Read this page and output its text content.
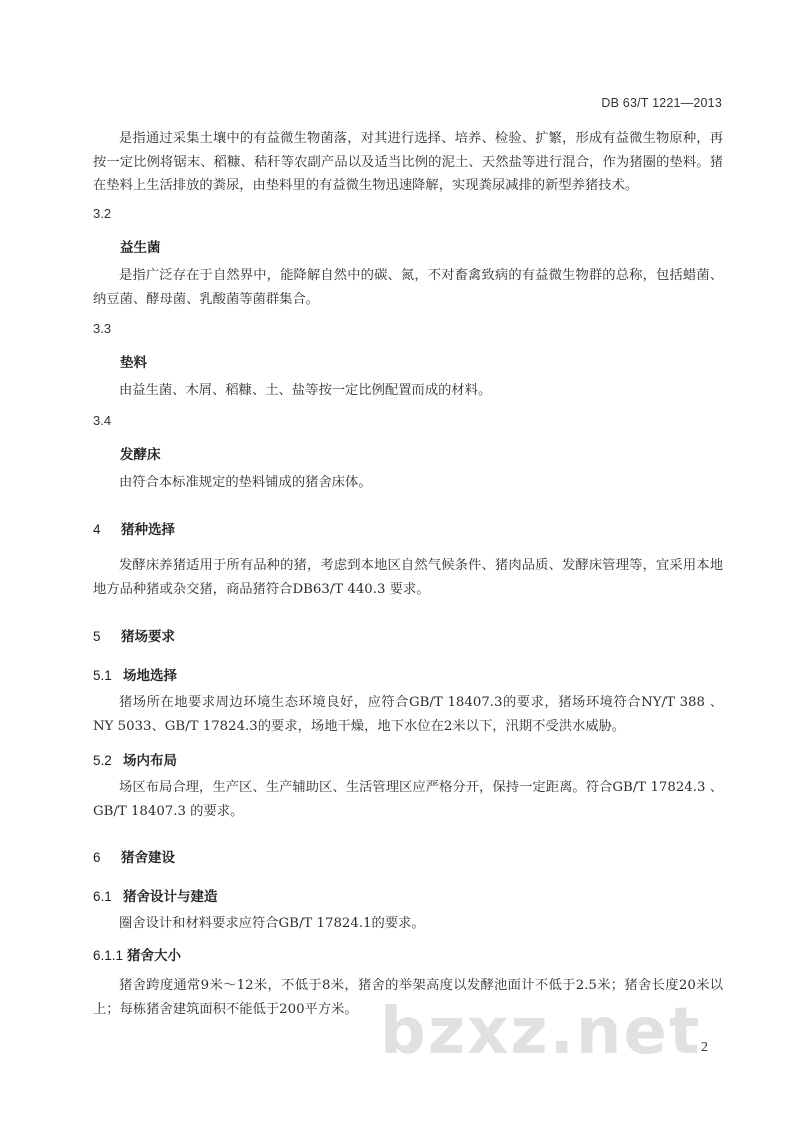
DB 63/T 1221—2013
是指通过采集土壤中的有益微生物菌落，对其进行选择、培养、检验、扩繁，形成有益微生物原种，再按一定比例将锯末、稻糠、秸秆等农副产品以及适当比例的泥土、天然盐等进行混合，作为猪圈的垫料。猪在垫料上生活排放的粪尿，由垫料里的有益微生物迅速降解，实现粪尿减排的新型养猪技术。
3.2
益生菌
是指广泛存在于自然界中，能降解自然中的碳、氮，不对畜禽致病的有益微生物群的总称，包括蜡菌、纳豆菌、酵母菌、乳酸菌等菌群集合。
3.3
垫料
由益生菌、木屑、稻糠、土、盐等按一定比例配置而成的材料。
3.4
发酵床
由符合本标准规定的垫料铺成的猪舍床体。
4 猪种选择
发酵床养猪适用于所有品种的猪，考虑到本地区自然气候条件、猪肉品质、发酵床管理等，宜采用本地地方品种猪或杂交猪，商品猪符合DB63/T 440.3 要求。
5 猪场要求
5.1 场地选择
猪场所在地要求周边环境生态环境良好，应符合GB/T 18407.3的要求，猪场环境符合NY/T 388 、NY 5033、GB/T 17824.3的要求，场地干燥，地下水位在2米以下，汛期不受洪水威胁。
5.2 场内布局
场区布局合理，生产区、生产辅助区、生活管理区应严格分开，保持一定距离。符合GB/T 17824.3 、GB/T 18407.3 的要求。
6 猪舍建设
6.1 猪舍设计与建造
圈舍设计和材料要求应符合GB/T 17824.1的要求。
6.1.1 猪舍大小
猪舍跨度通常9米～12米，不低于8米，猪舍的举架高度以发酵池面计不低于2.5米；猪舍长度20米以上；每栋猪舍建筑面积不能低于200平方米。 bzxz.net 2
